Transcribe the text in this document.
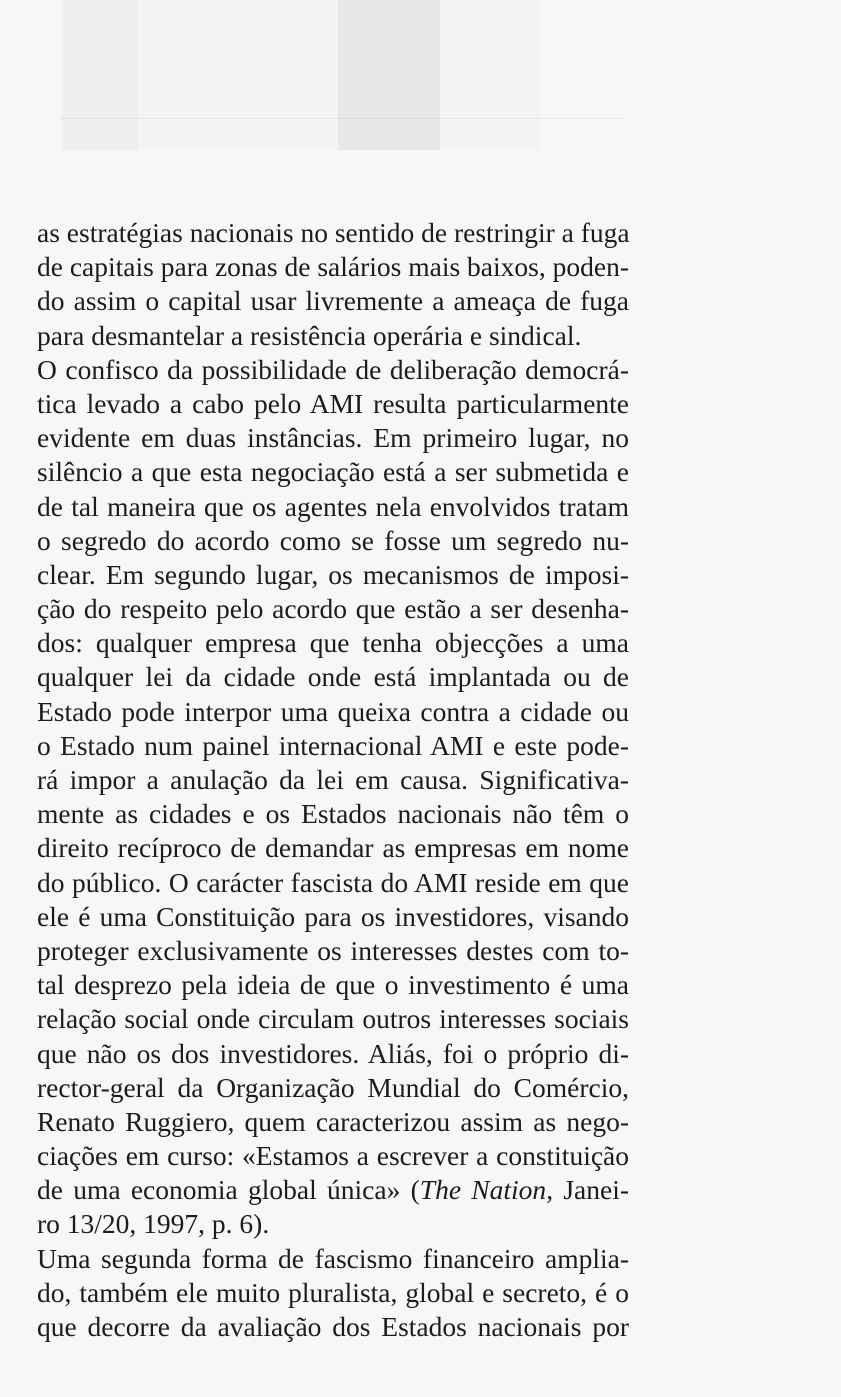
as estratégias nacionais no sentido de restringir a fuga
de capitais para zonas de salários mais baixos, poden-
do assim o capital usar livremente a ameaça de fuga
para desmantelar a resistência operária e sindical.
O confisco da possibilidade de deliberação democrá-
tica levado a cabo pelo AMI resulta particularmente
evidente em duas instâncias. Em primeiro lugar, no
silêncio a que esta negociação está a ser submetida e
de tal maneira que os agentes nela envolvidos tratam
o segredo do acordo como se fosse um segredo nu-
clear. Em segundo lugar, os mecanismos de imposi-
ção do respeito pelo acordo que estão a ser desenha-
dos: qualquer empresa que tenha objecções a uma
qualquer lei da cidade onde está implantada ou de
Estado pode interpor uma queixa contra a cidade ou
o Estado num painel internacional AMI e este pode-
rá impor a anulação da lei em causa. Significativa-
mente as cidades e os Estados nacionais não têm o
direito recíproco de demandar as empresas em nome
do público. O carácter fascista do AMI reside em que
ele é uma Constituição para os investidores, visando
proteger exclusivamente os interesses destes com to-
tal desprezo pela ideia de que o investimento é uma
relação social onde circulam outros interesses sociais
que não os dos investidores. Aliás, foi o próprio di-
rector-geral da Organização Mundial do Comércio,
Renato Ruggiero, quem caracterizou assim as nego-
ciações em curso: «Estamos a escrever a constituição
de uma economia global única» (The Nation, Janei-
ro 13/20, 1997, p. 6).
Uma segunda forma de fascismo financeiro amplia-
do, também ele muito pluralista, global e secreto, é o
que decorre da avaliação dos Estados nacionais por
